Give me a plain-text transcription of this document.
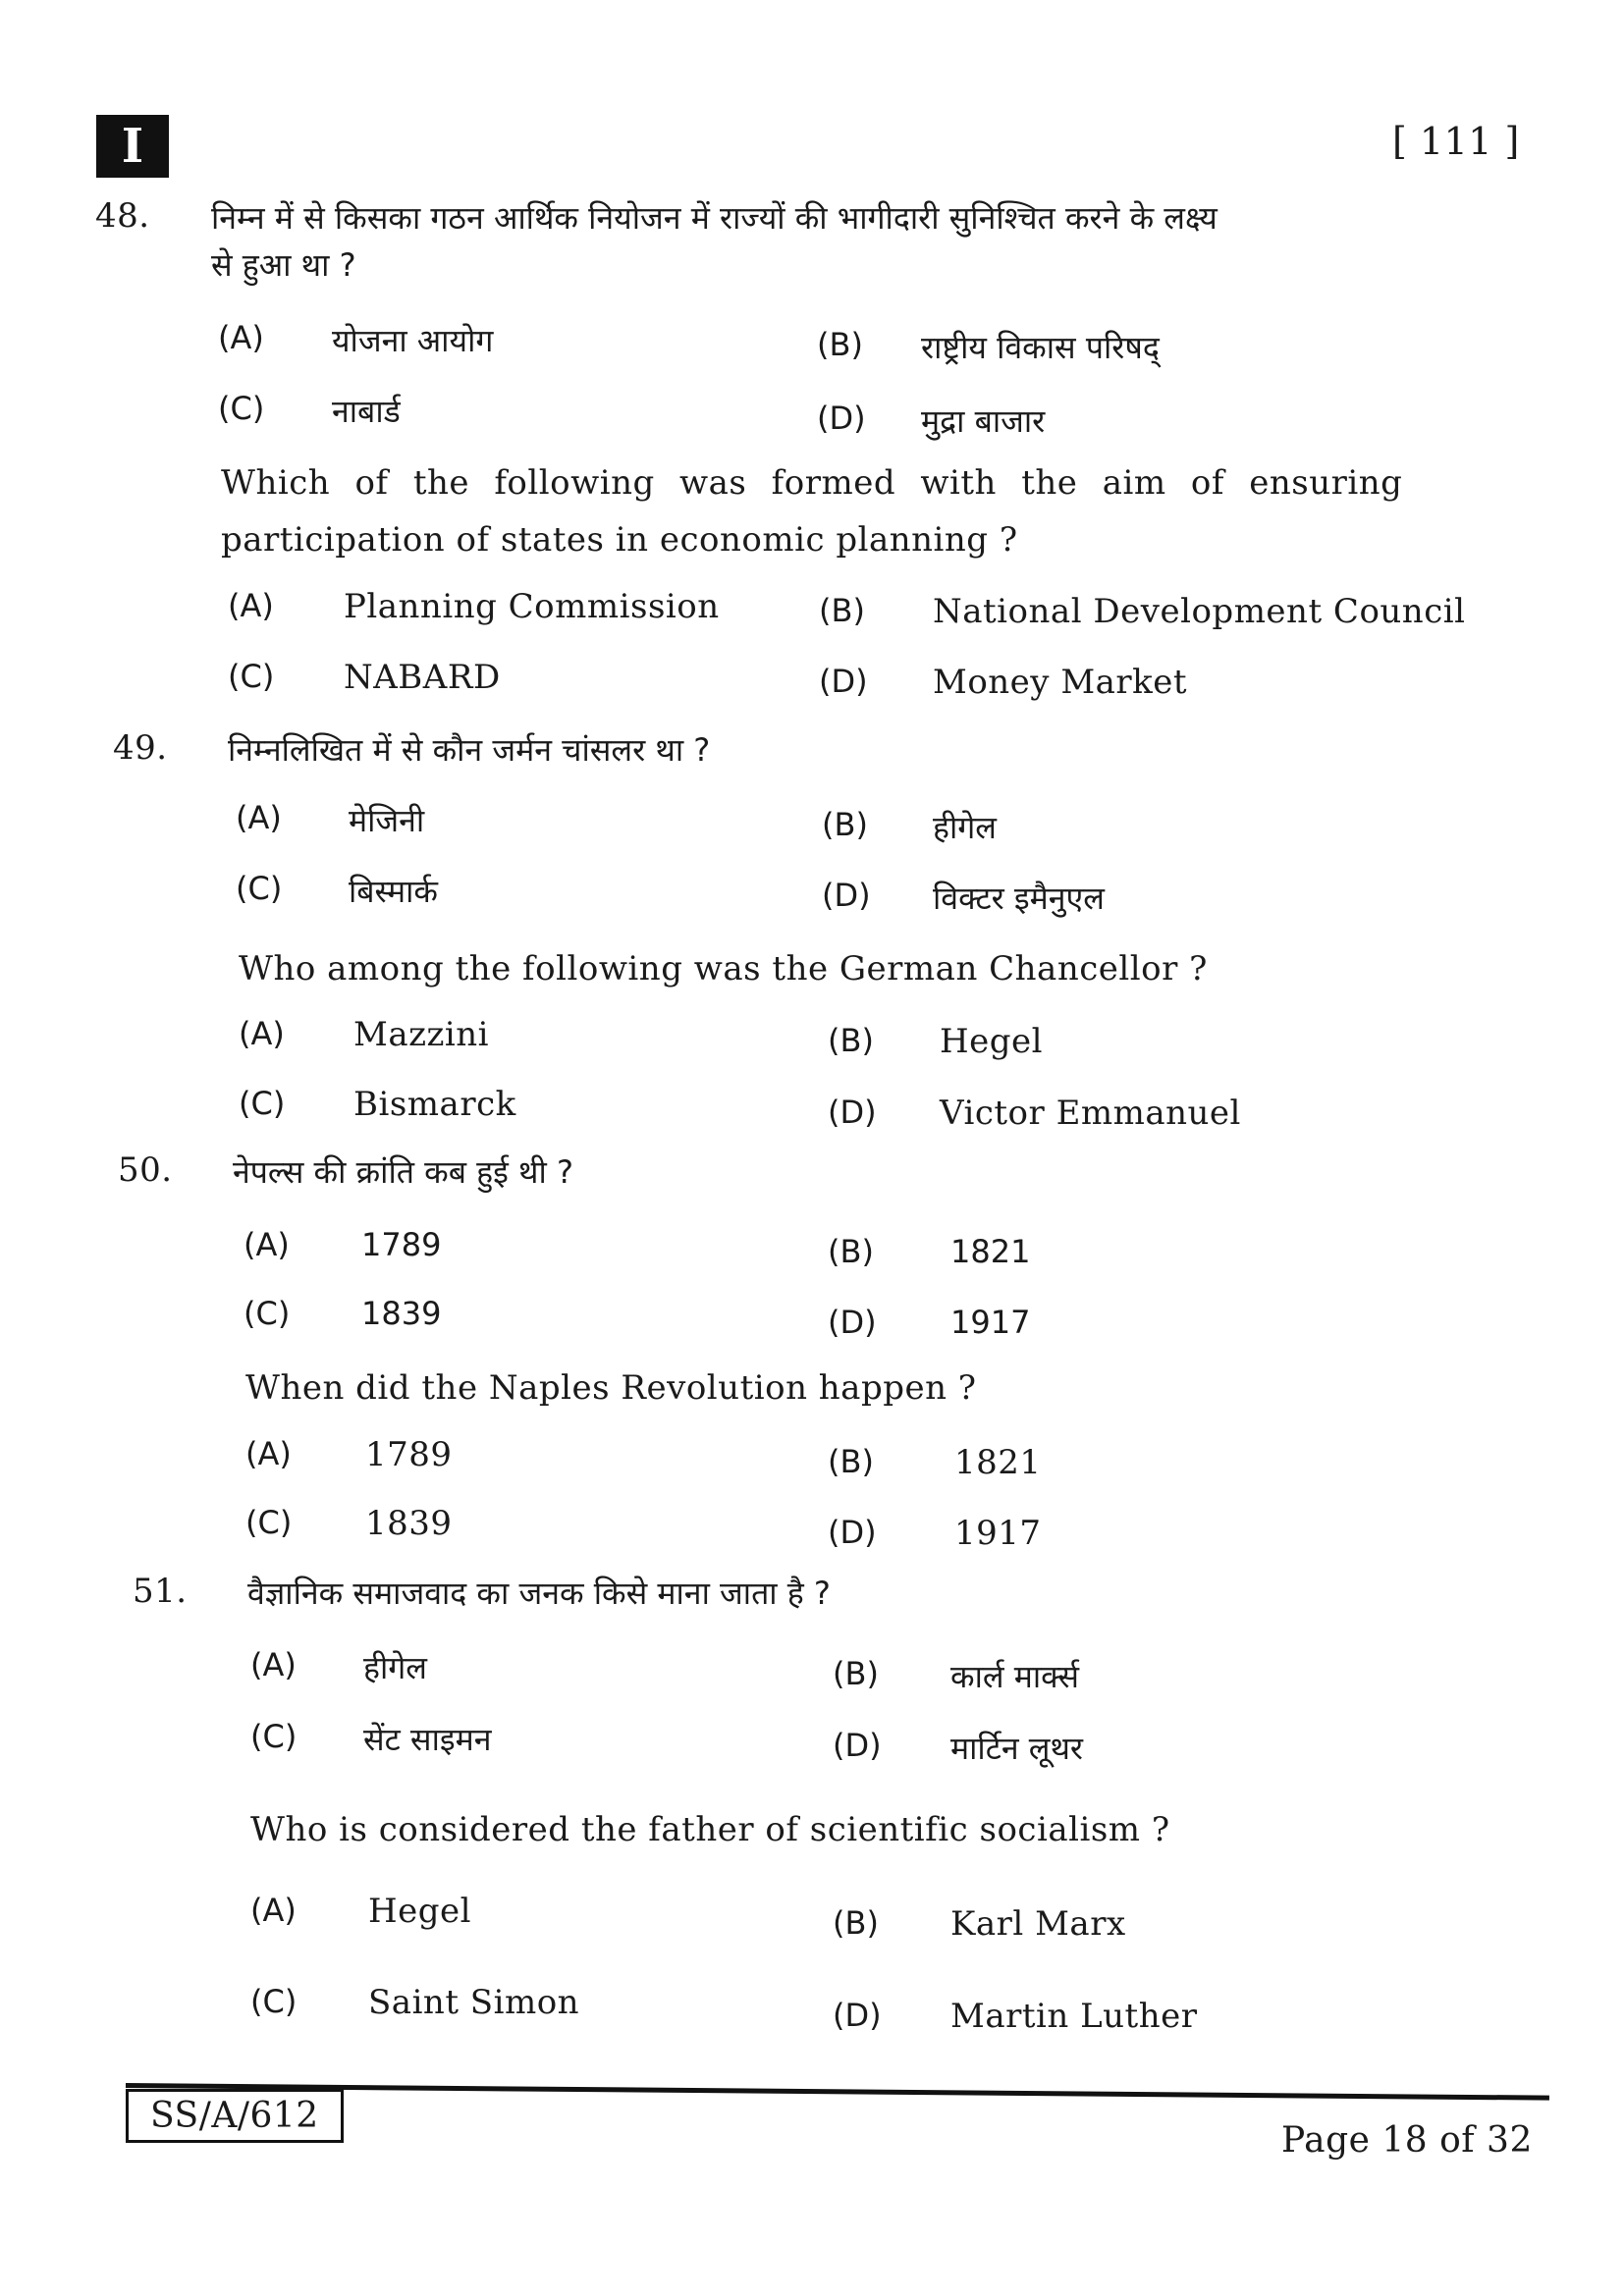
I	[ 111 ]
48. निम्न में से किसका गठन आर्थिक नियोजन में राज्यों की भागीदारी सुनिश्चित करने के लक्ष्य
से हुआ था ?
(A) योजना आयोग	(B) राष्ट्रीय विकास परिषद्
(C) नाबार्ड	(D) मुद्रा बाजार
Which of the following was formed with the aim of ensuring
participation of states in economic planning ?
(A) Planning Commission	(B) National Development Council
(C) NABARD	(D) Money Market
49. निम्नलिखित में से कौन जर्मन चांसलर था ?
(A) मेजिनी	(B) हीगेल
(C) बिस्मार्क	(D) विक्टर इमैनुएल
Who among the following was the German Chancellor ?
(A) Mazzini	(B) Hegel
(C) Bismarck	(D) Victor Emmanuel
50. नेपल्स की क्रांति कब हुई थी ?
(A) 1789	(B) 1821
(C) 1839	(D) 1917
When did the Naples Revolution happen ?
(A) 1789	(B) 1821
(C) 1839	(D) 1917
51. वैज्ञानिक समाजवाद का जनक किसे माना जाता है ?
(A) हीगेल	(B) कार्ल मार्क्स
(C) सेंट साइमन	(D) मार्टिन लूथर
Who is considered the father of scientific socialism ?
(A) Hegel	(B) Karl Marx
(C) Saint Simon	(D) Martin Luther
SS/A/612
Page 18 of 32
